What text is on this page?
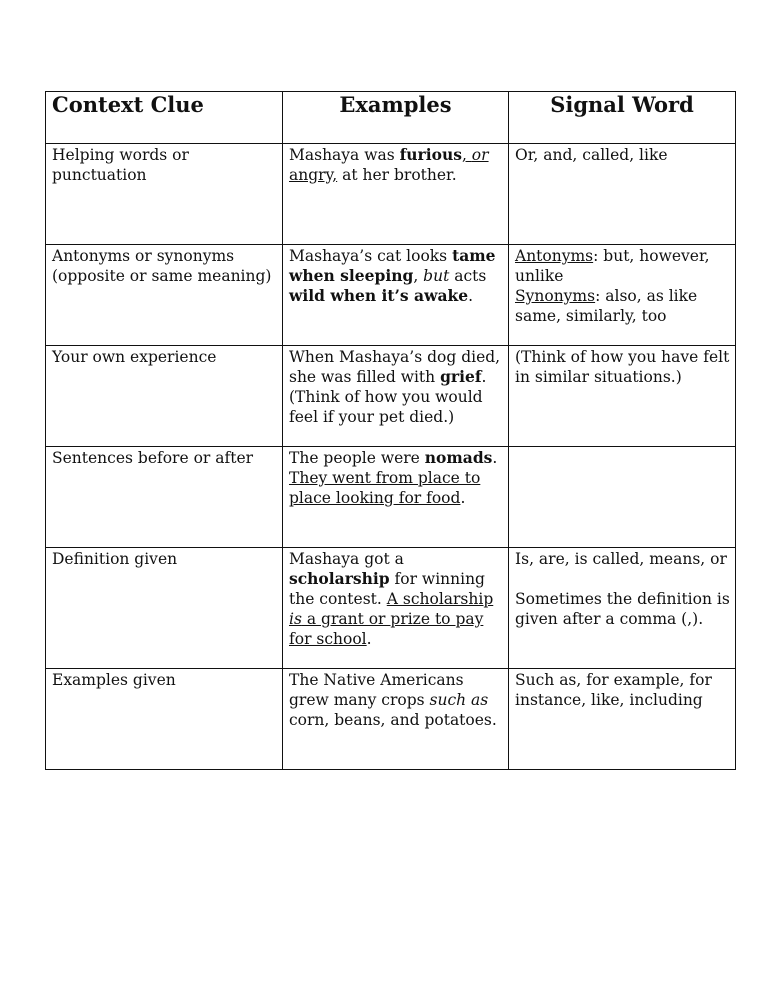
Context Clue	Examples	Signal Word

Helping words or punctuation	Mashaya was furious, or angry, at her brother.	Or, and, called, like

Antonyms or synonyms (opposite or same meaning)	Mashaya’s cat looks tame when sleeping, but acts wild when it’s awake.	Antonyms: but, however, unlike
Synonyms: also, as like same, similarly, too

Your own experience	When Mashaya’s dog died, she was filled with grief. (Think of how you would feel if your pet died.)	(Think of how you have felt in similar situations.)

Sentences before or after	The people were nomads. They went from place to place looking for food.	

Definition given	Mashaya got a scholarship for winning the contest. A scholarship is a grant or prize to pay for school.	Is, are, is called, means, or
Sometimes the definition is given after a comma (,).

Examples given	The Native Americans grew many crops such as corn, beans, and potatoes.	Such as, for example, for instance, like, including
